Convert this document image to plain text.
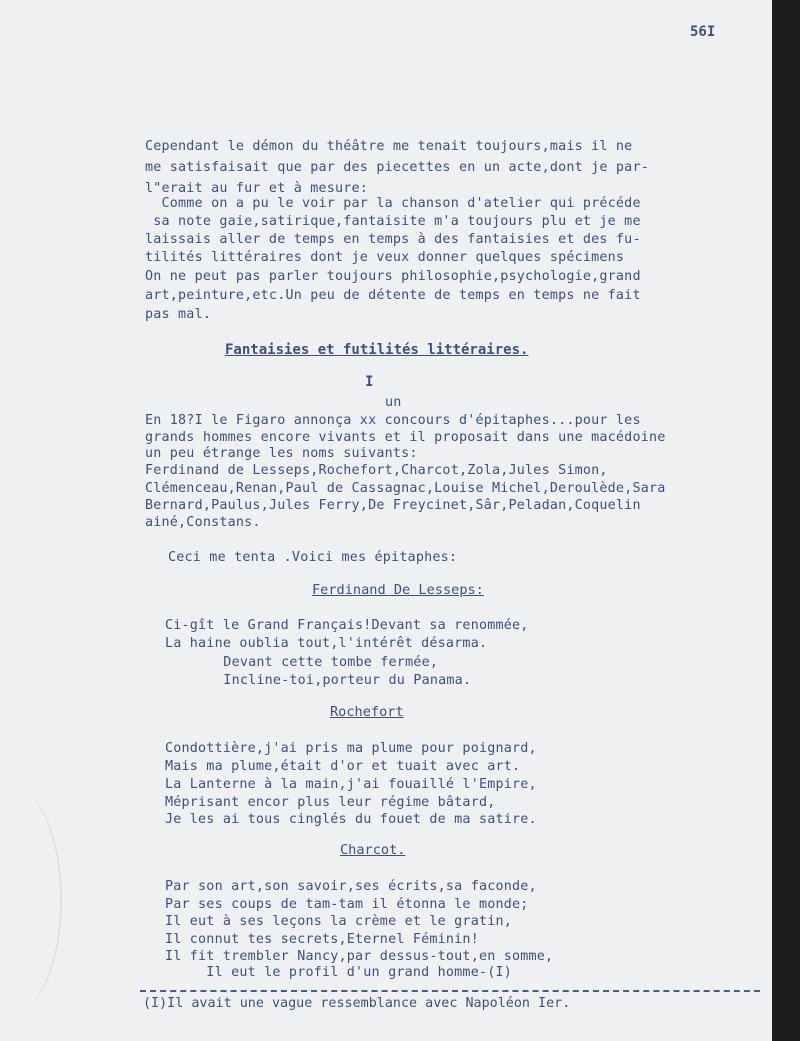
56I
Cependant le démon du théâtre me tenait toujours,mais il ne
me satisfaisait que par des piecettes en un acte,dont je par-
l"erait au fur et à mesure:
Comme on a pu le voir par la chanson d'atelier qui précéde
sa note gaie,satirique,fantaisite m'a toujours plu et je me
laissais aller de temps en temps à des fantaisies et des fu-
tilités littéraires dont je veux donner quelques spécimens
On ne peut pas parler toujours philosophie,psychologie,grand
art,peinture,etc.Un peu de détente de temps en temps ne fait
pas mal.
Fantaisies et futilités littéraires.
I
un
En 18?I le Figaro annonça xx concours d'épitaphes...pour les
grands hommes encore vivants et il proposait dans une macédoine
un peu étrange les noms suivants:
Ferdinand de Lesseps,Rochefort,Charcot,Zola,Jules Simon,
Clémenceau,Renan,Paul de Cassagnac,Louise Michel,Deroulède,Sara
Bernard,Paulus,Jules Ferry,De Freycinet,Sâr,Peladan,Coquelin
ainé,Constans.
Ceci me tenta .Voici mes épitaphes:
Ferdinand De Lesseps:
Ci-gît le Grand Français!Devant sa renommée,
La haine oublia tout,l'intérêt désarma.
Devant cette tombe fermée,
Incline-toi,porteur du Panama.
Rochefort
Condottière,j'ai pris ma plume pour poignard,
Mais ma plume,était d'or et tuait avec art.
La Lanterne à la main,j'ai fouaillé l'Empire,
Méprisant encor plus leur régime bâtard,
Je les ai tous cinglés du fouet de ma satire.
Charcot.
Par son art,son savoir,ses écrits,sa faconde,
Par ses coups de tam-tam il étonna le monde;
Il eut à ses leçons la crème et le gratin,
Il connut tes secrets,Eternel Féminin!
Il fit trembler Nancy,par dessus-tout,en somme,
Il eut le profil d'un grand homme-(I)
(I)Il avait une vague ressemblance avec Napoléon Ier.
